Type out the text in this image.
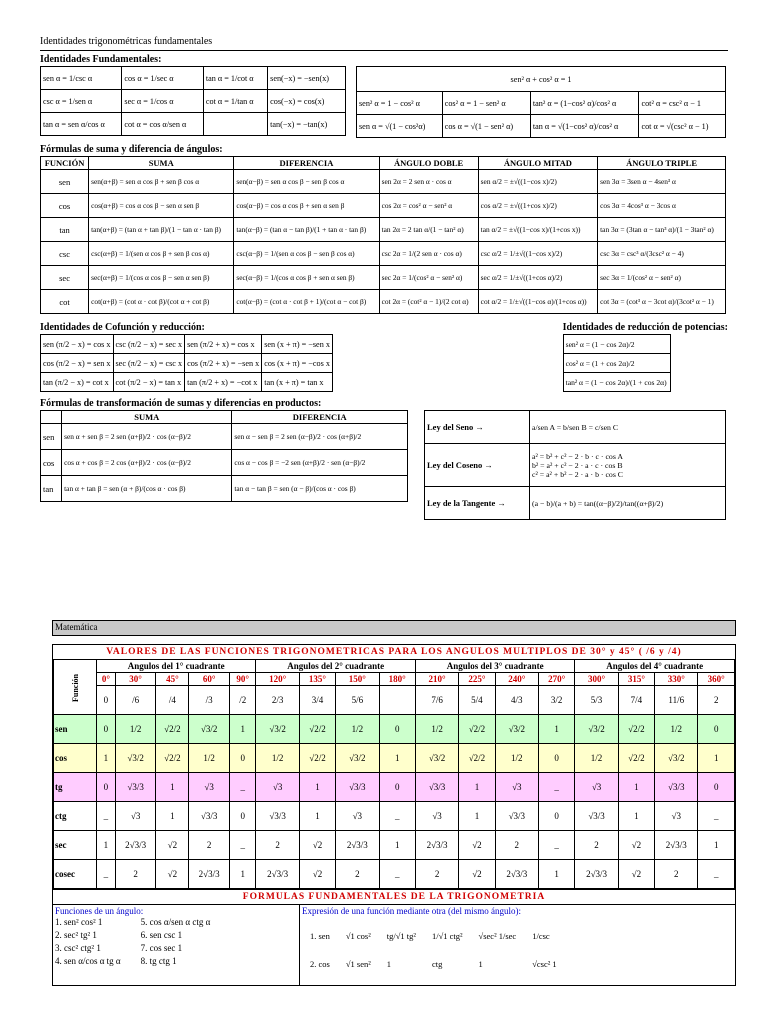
Identidades trigonométricas fundamentales
Identidades Fundamentales:
sen α = 1/csc α	cos α = 1/sec α	tan α = 1/cot α	sen(−x) = −sen(x)
csc α = 1/sen α	sec α = 1/cos α	cot α = 1/tan α	cos(−x) = cos(x)
tan α = sen α/cos α	cot α = cos α/sen α		tan(−x) = −tan(x)
sen² α + cos² α = 1			
sen² α = 1 − cos² α	cos² α = 1 − sen² α	tan² α = (1−cos² α)/cos² α	cot² α = csc² α − 1
sen α = √(1 − cos²α)	cos α = √(1 − sen² α)	tan α = √(1−cos² α)/cos² α	cot α = √(csc² α − 1)
Fórmulas de suma y diferencia de ángulos:
FUNCIÓN	SUMA	DIFERENCIA	ÁNGULO DOBLE	ÁNGULO MITAD	ÁNGULO TRIPLE
sen	sen(α+β) = sen α cos β + sen β cos α	sen(α−β) = sen α cos β − sen β cos α	sen 2α = 2 sen α · cos α	sen α/2 = ±√((1−cos x)/2)	sen 3α = 3sen α − 4sen³ α
cos	cos(α+β) = cos α cos β − sen α sen β	cos(α−β) = cos α cos β + sen α sen β	cos 2α = cos² α − sen² α	cos α/2 = ±√((1+cos x)/2)	cos 3α = 4cos³ α − 3cos α
tan	tan(α+β) = (tan α + tan β)/(1 − tan α · tan β)	tan(α−β) = (tan α − tan β)/(1 + tan α · tan β)	tan 2α = 2 tan α/(1 − tan² α)	tan α/2 = ±√((1−cos x)/(1+cos x))	tan 3α = (3tan α − tan³ α)/(1 − 3tan² α)
csc	csc(α+β) = 1/(sen α cos β + sen β cos α)	csc(α−β) = 1/(sen α cos β − sen β cos α)	csc 2α = 1/(2 sen α · cos α)	csc α/2 = 1/±√((1−cos x)/2)	csc 3α = csc³ α/(3csc² α − 4)
sec	sec(α+β) = 1/(cos α cos β − sen α sen β)	sec(α−β) = 1/(cos α cos β + sen α sen β)	sec 2α = 1/(cos² α − sen² α)	sec α/2 = 1/±√((1+cos α)/2)	sec 3α = 1/(cos² α − sen² α)
cot	cot(α+β) = (cot α · cot β)/(cot α + cot β)	cot(α−β) = (cot α · cot β + 1)/(cot α − cot β)	cot 2α = (cot² α − 1)/(2 cot α)	cot α/2 = 1/±√((1−cos α)/(1+cos α))	cot 3α = (cot³ α − 3cot α)/(3cot² α − 1)
Identidades de Cofunción y reducción:
sen (π/2 − x) = cos x	csc (π/2 − x) = sec x	sen (π/2 + x) = cos x	sen (x + π) = −sen x
cos (π/2 − x) = sen x	sec (π/2 − x) = csc x	cos (π/2 + x) = −sen x	cos (x + π) = −cos x
tan (π/2 − x) = cot x	cot (π/2 − x) = tan x	tan (π/2 + x) = −cot x	tan (x + π) = tan x
Identidades de reducción de potencias:
sen² α = (1 − cos 2α)/2
cos² α = (1 + cos 2α)/2
tan² α = (1 − cos 2α)/(1 + cos 2α)
Fórmulas de transformación de sumas y diferencias en productos:
	SUMA	DIFERENCIA
sen	sen α + sen β = 2 sen (α+β)/2 · cos (α−β)/2	sen α − sen β = 2 sen (α−β)/2 · cos (α+β)/2
cos	cos α + cos β = 2 cos (α+β)/2 · cos (α−β)/2	cos α − cos β = −2 sen (α+β)/2 · sen (α−β)/2
tan	tan α + tan β = sen (α + β)/(cos α · cos β)	tan α − tan β = sen (α − β)/(cos α · cos β)
Ley del Seno →	a/sen A = b/sen B = c/sen C
Ley del Coseno →	a² = b² + c² − 2 · b · c · cos A
b² = a² + c² − 2 · a · c · cos B
c² = a² + b² − 2 · a · b · cos C
Ley de la Tangente →	(a − b)/(a + b) = tan((α−β)/2)/tan((α+β)/2)
Matemática
VALORES DE LAS FUNCIONES TRIGONOMETRICAS PARA LOS ANGULOS MULTIPLOS DE 30° y 45° ( /6 y /4)
Función	Angulos del 1° cuadrante					Angulos del 2° cuadrante				Angulos del 3° cuadrante				Angulos del 4° cuadrante			
	0°	30°	45°	60°	90°	120°	135°	150°	180°	210°	225°	240°	270°	300°	315°	330°	360°
	0	/6	/4	/3	/2	2/3	3/4	5/6		7/6	5/4	4/3	3/2	5/3	7/4	11/6	2
sen	0	1/2	√2/2	√3/2	1	√3/2	√2/2	1/2	0	1/2	√2/2	√3/2	1	√3/2	√2/2	1/2	0
cos	1	√3/2	√2/2	1/2	0	1/2	√2/2	√3/2	1	√3/2	√2/2	1/2	0	1/2	√2/2	√3/2	1
tg	0	√3/3	1	√3	_	√3	1	√3/3	0	√3/3	1	√3	_	√3	1	√3/3	0
ctg	_	√3	1	√3/3	0	√3/3	1	√3	_	√3	1	√3/3	0	√3/3	1	√3	_
sec	1	2√3/3	√2	2	_	2	√2	2√3/3	1	2√3/3	√2	2	_	2	√2	2√3/3	1
cosec	_	2	√2	2√3/3	1	2√3/3	√2	2	_	2	√2	2√3/3	1	2√3/3	√2	2	_
FORMULAS FUNDAMENTALES DE LA TRIGONOMETRIA
Funciones de un ángulo:
1. sen² cos² 1
2. sec² tg² 1
3. csc² ctg² 1
4. sen α/cos α tg α
5. cos α/sen α ctg α
6. sen csc 1
7. cos sec 1
8. tg ctg 1
Expresión de una función mediante otra (del mismo ángulo):
1. sen	√1 cos²	tg/√1 tg²	1/√1 ctg²	√sec² 1/sec	1/csc
2. cos	√1 sen²	1	ctg	1	√csc² 1
